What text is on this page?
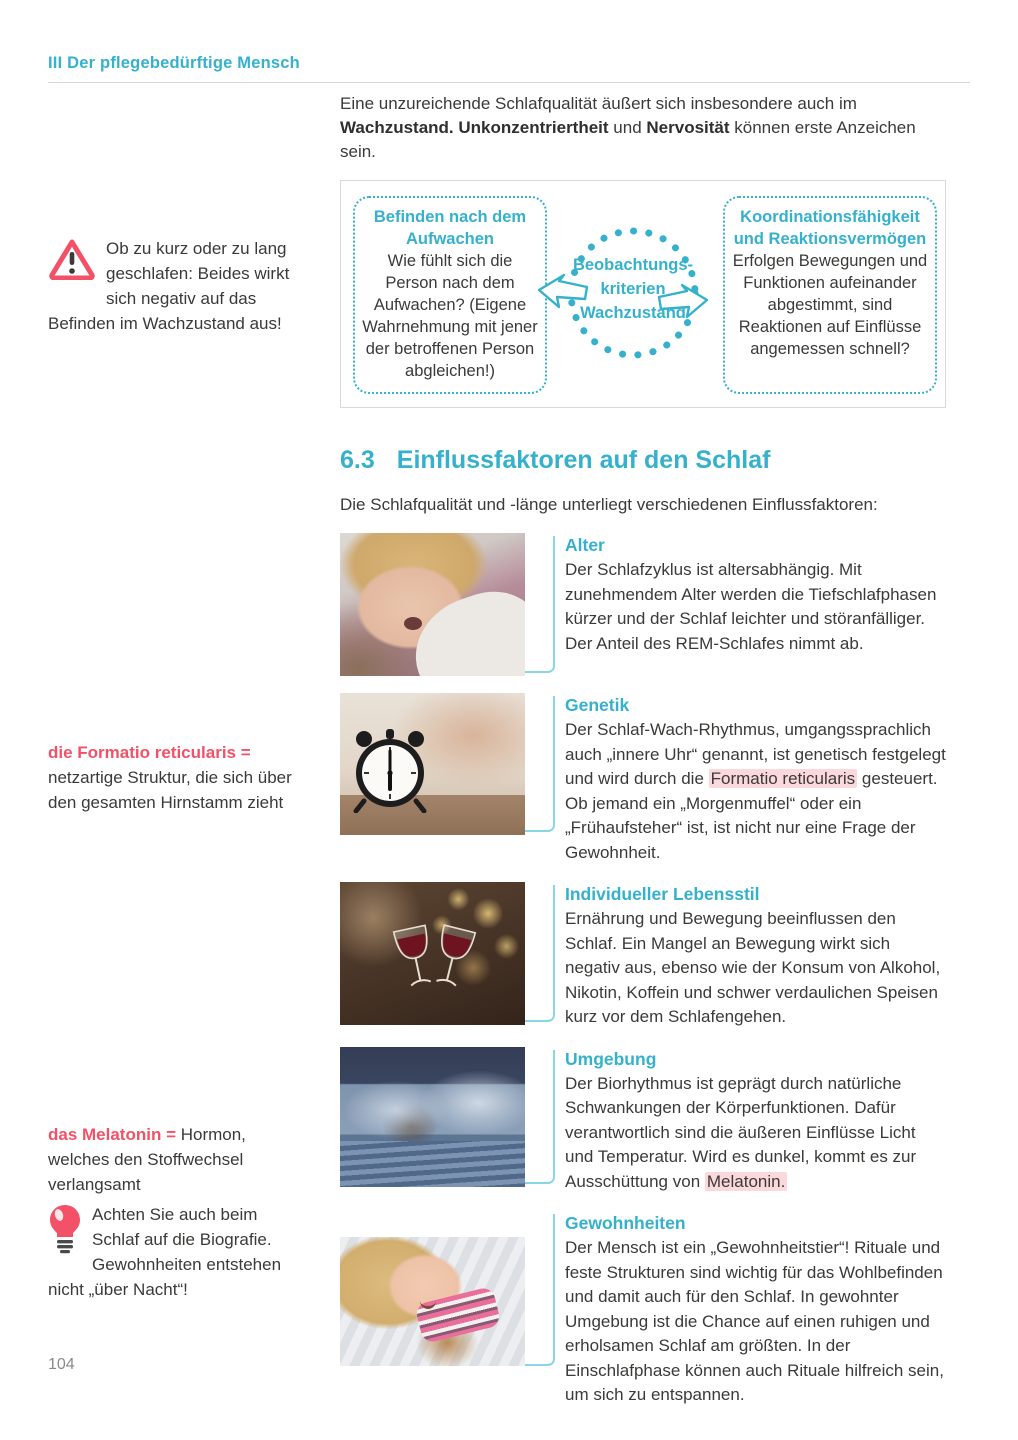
III Der pflegebedürftige Mensch
Ob zu kurz oder zu lang geschlafen: Beides wirkt sich negativ auf das Befinden im Wachzustand aus!
die Formatio reticularis = netzartige Struktur, die sich über den gesamten Hirnstamm zieht
das Melatonin = Hormon, welches den Stoffwechsel verlangsamt
Achten Sie auch beim Schlaf auf die Biografie. Gewohnheiten entstehen nicht „über Nacht“!
104

Eine unzureichende Schlafqualität äußert sich insbesondere auch im Wachzustand. Unkonzentriertheit und Nervosität können erste Anzeichen sein.

Befinden nach dem Aufwachen
Wie fühlt sich die Person nach dem Aufwachen? (Eigene Wahrnehmung mit jener der betroffenen Person abgleichen!)
Beobachtungs-
kriterien
Wachzustand
Koordinationsfähigkeit und Reaktionsvermögen
Erfolgen Bewegungen und Funktionen aufeinander abgestimmt, sind Reaktionen auf Einflüsse angemessen schnell?
6.3 Einflussfaktoren auf den Schlaf

Die Schlafqualität und -länge unterliegt verschiedenen Einflussfaktoren:

Alter
Der Schlafzyklus ist altersabhängig. Mit zunehmendem Alter werden die Tiefschlafphasen kürzer und der Schlaf leichter und störanfälliger. Der Anteil des REM-Schlafes nimmt ab.
Genetik
Der Schlaf-Wach-Rhythmus, umgangssprachlich auch „innere Uhr“ genannt, ist genetisch festgelegt und wird durch die Formatio reticularis gesteuert. Ob jemand ein „Morgenmuffel“ oder ein „Frühaufsteher“ ist, ist nicht nur eine Frage der Gewohnheit.
Individueller Lebensstil
Ernährung und Bewegung beeinflussen den Schlaf. Ein Mangel an Bewegung wirkt sich negativ aus, ebenso wie der Konsum von Alkohol, Nikotin, Koffein und schwer verdaulichen Speisen kurz vor dem Schlafengehen.
Umgebung
Der Biorhythmus ist geprägt durch natürliche Schwankungen der Körperfunktionen. Dafür verantwortlich sind die äußeren Einflüsse Licht und Temperatur. Wird es dunkel, kommt es zur Ausschüttung von Melatonin.
Gewohnheiten
Der Mensch ist ein „Gewohnheitstier“! Rituale und feste Strukturen sind wichtig für das Wohlbefinden und damit auch für den Schlaf. In gewohnter Umgebung ist die Chance auf einen ruhigen und erholsamen Schlaf am größten. In der Einschlafphase können auch Rituale hilfreich sein, um sich zu entspannen.
